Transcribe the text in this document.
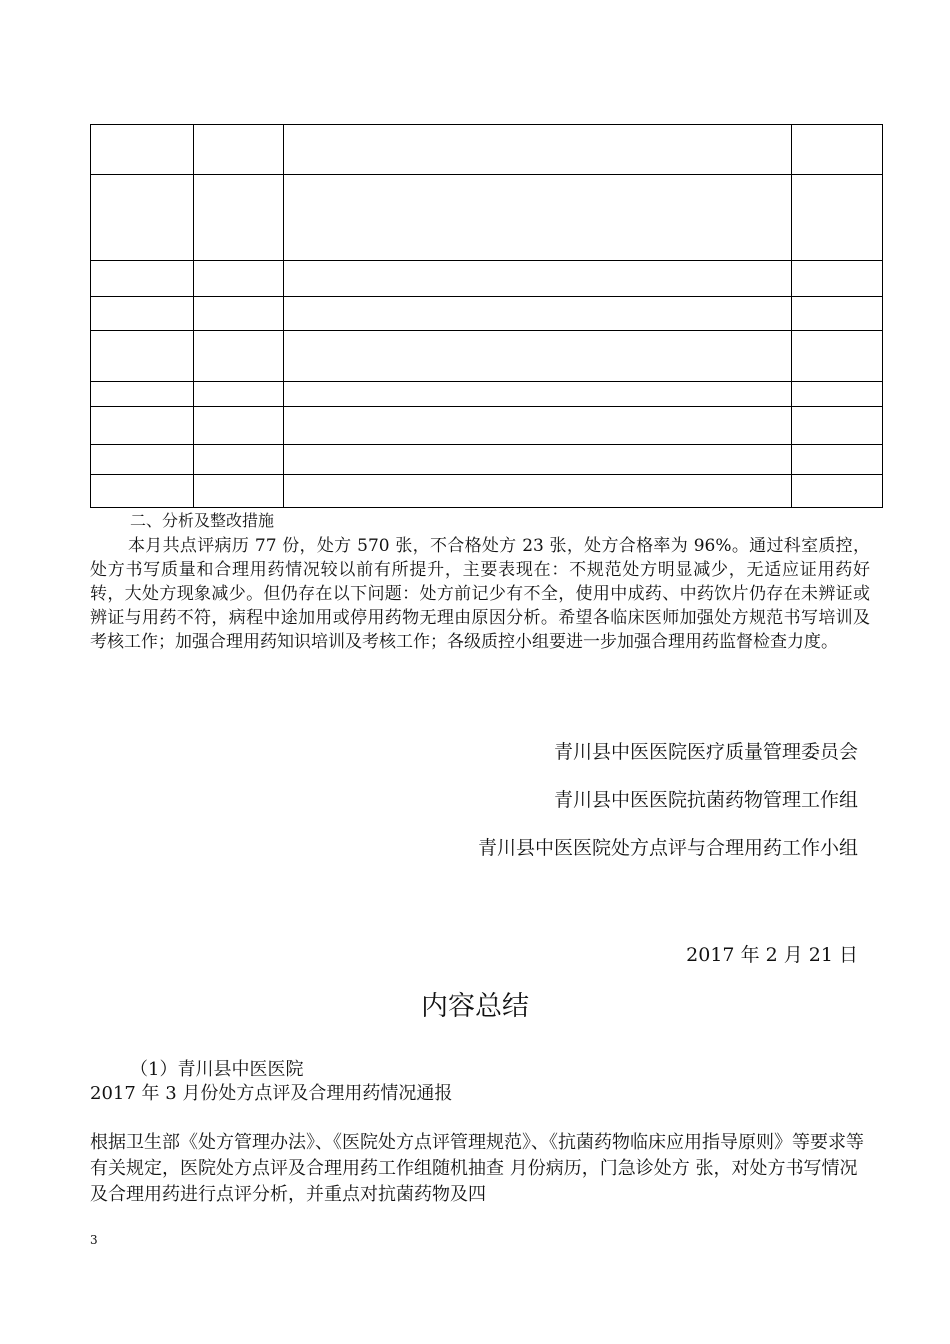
二、分析及整改措施

本月共点评病历 77 份，处方 570 张，不合格处方 23 张，处方合格率为 96%。通过科室质控，处方书写质量和合理用药情况较以前有所提升，主要表现在：不规范处方明显减少，无适应证用药好转，大处方现象减少。但仍存在以下问题：处方前记少有不全，使用中成药、中药饮片仍存在未辨证或辨证与用药不符，病程中途加用或停用药物无理由原因分析。希望各临床医师加强处方规范书写培训及考核工作；加强合理用药知识培训及考核工作；各级质控小组要进一步加强合理用药监督检查力度。

青川县中医医院医疗质量管理委员会

青川县中医医院抗菌药物管理工作组

青川县中医医院处方点评与合理用药工作小组

2017 年 2 月 21 日

内容总结

（1）青川县中医医院

2017 年 3 月份处方点评及合理用药情况通报

根据卫生部《处方管理办法》、《医院处方点评管理规范》、《抗菌药物临床应用指导原则》等要求等有关规定，医院处方点评及合理用药工作组随机抽查 月份病历，门急诊处方 张，对处方书写情况及合理用药进行点评分析，并重点对抗菌药物及四

3
